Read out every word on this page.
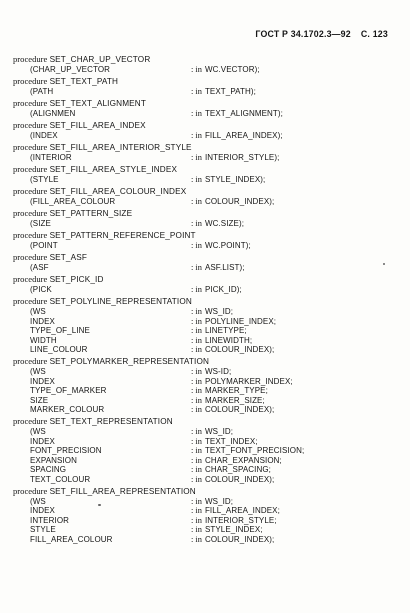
ГОСТ Р 34.1702.3—92 С. 123
procedure SET_CHAR_UP_VECTOR
(CHAR_UP_VECTOR	: in WC.VECTOR);
procedure SET_TEXT_PATH
(PATH	: in TEXT_PATH);
procedure SET_TEXT_ALIGNMENT
(ALIGNMEN	: in TEXT_ALIGNMENT);
procedure SET_FILL_AREA_INDEX
(INDEX	: in FILL_AREA_INDEX);
procedure SET_FILL_AREA_INTERIOR_STYLE
(INTERIOR	: in INTERIOR_STYLE);
procedure SET_FILL_AREA_STYLE_INDEX
(STYLE	: in STYLE_INDEX);
procedure SET_FILL_AREA_COLOUR_INDEX
(FILL_AREA_COLOUR	: in COLOUR_INDEX);
procedure SET_PATTERN_SIZE
(SIZE	: in WC.SIZE);
procedure SET_PATTERN_REFERENCE_POINT
(POINT	: in WC.POINT);
procedure SET_ASF
(ASF	: in ASF.LIST);
procedure SET_PICK_ID
(PICK	: in PICK_ID);
procedure SET_POLYLINE_REPRESENTATION
(WS	: in WS_ID;
INDEX	: in POLYLINE_INDEX;
TYPE_OF_LINE	: in LINETYPE;
WIDTH	: in LINEWIDTH;
LINE_COLOUR	: in COLOUR_INDEX);
procedure SET_POLYMARKER_REPRESENTATION
(WS	: in WS-ID;
INDEX	: in POLYMARKER_INDEX;
TYPE_OF_MARKER	: in MARKER_TYPE;
SIZE	: in MARKER_SIZE;
MARKER_COLOUR	: in COLOUR_INDEX);
procedure SET_TEXT_REPRESENTATION
(WS	: in WS_ID;
INDEX	: in TEXT_INDEX;
FONT_PRECISION	: in TEXT_FONT_PRECISION;
EXPANSION	: in CHAR_EXPANSION;
SPACING	: in CHAR_SPACING;
TEXT_COLOUR	: in COLOUR_INDEX);
procedure SET_FILL_AREA_REPRESENTATION
(WS	: in WS_ID;
INDEX	: in FILL_AREA_INDEX;
INTERIOR	: in INTERIOR_STYLE;
STYLE	: in STYLE_INDEX;
FILL_AREA_COLOUR	: in COLOUR_INDEX);
